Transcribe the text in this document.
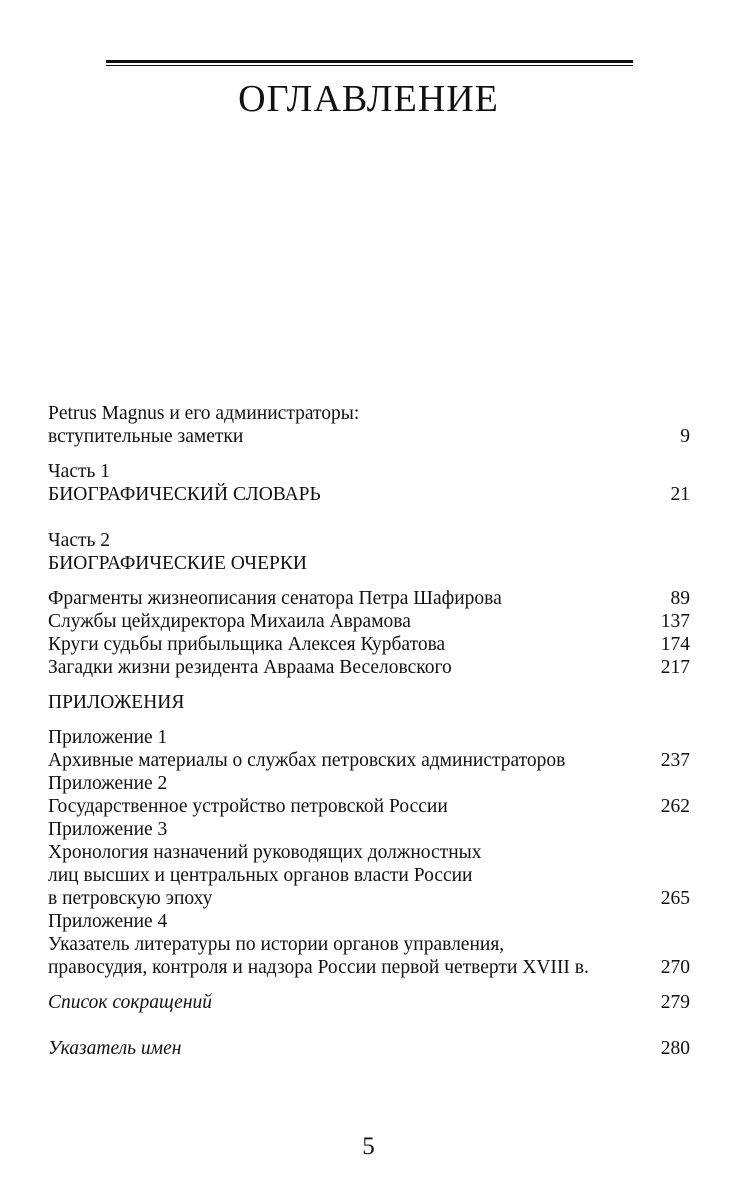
ОГЛАВЛЕНИЕ
Petrus Magnus и его администраторы:
вступительные заметки	9
Часть 1
БИОГРАФИЧЕСКИЙ СЛОВАРЬ	21
Часть 2
БИОГРАФИЧЕСКИЕ ОЧЕРКИ
Фрагменты жизнеописания сенатора Петра Шафирова	89
Службы цейхдиректора Михаила Аврамова	137
Круги судьбы прибыльщика Алексея Курбатова	174
Загадки жизни резидента Авраама Веселовского	217
ПРИЛОЖЕНИЯ
Приложение 1
Архивные материалы о службах петровских администраторов	237
Приложение 2
Государственное устройство петровской России	262
Приложение 3
Хронология назначений руководящих должностных
лиц высших и центральных органов власти России
в петровскую эпоху	265
Приложение 4
Указатель литературы по истории органов управления,
правосудия, контроля и надзора России первой четверти XVIII в.	270
Список сокращений	279
Указатель имен	280
5
